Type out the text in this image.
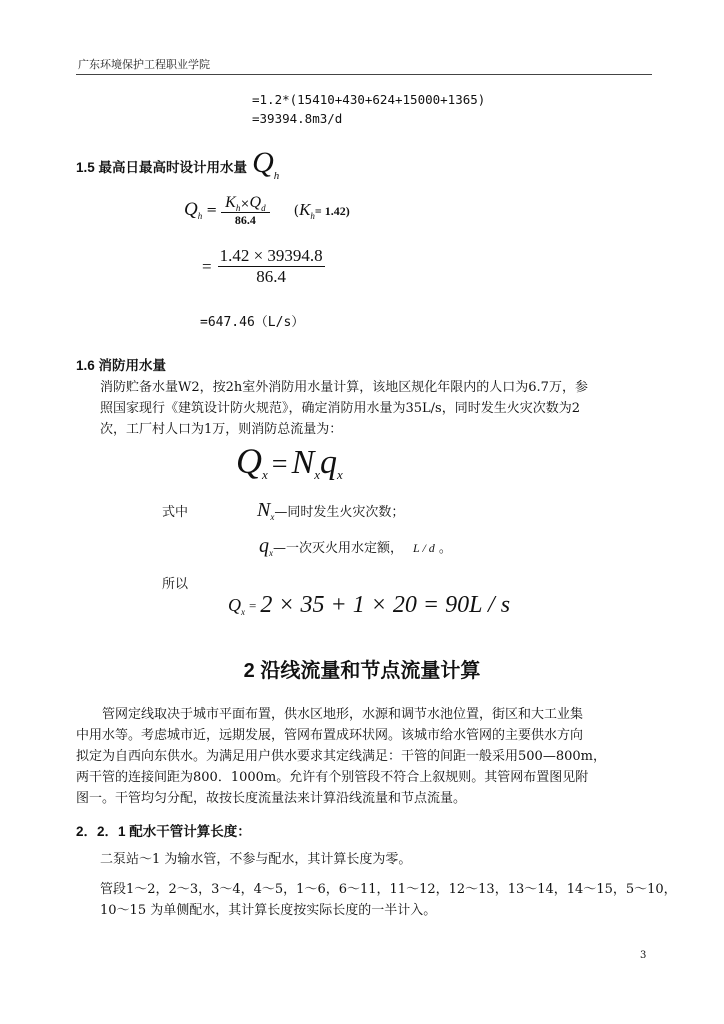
广东环境保护工程职业学院
=1.2*(15410+430+624+15000+1365)
=39394.8m3/d
1.5 最高日最高时设计用水量 $Q_h$
$Q_h = \frac{K_h\times Q_d}{86.4} (K_h= 1.42)$
= $\frac{1.42 \times 39394.8}{86.4}$
=647.46（L/s）
1.6 消防用水量
消防贮备水量W2，按2h室外消防用水量计算，该地区规化年限内的人口为6.7万，参
照国家现行《建筑设计防火规范》，确定消防用水量为35L/s，同时发生火灾次数为2
次，工厂村人口为1万，则消防总流量为：
$Q_x = N_xq_x$
式中	$N_x—$同时发生火灾次数；
$q_x—$一次灭火用水定额， L / d 。
所以
$Q_x = 2 \times 35 + 1 \times 20 = 90L / s$
2 沿线流量和节点流量计算
管网定线取决于城市平面布置，供水区地形，水源和调节水池位置，街区和大工业集
中用水等。考虑城市近，远期发展，管网布置成环状网。该城市给水管网的主要供水方向
拟定为自西向东供水。为满足用户供水要求其定线满足：干管的间距一般采用500—800m，
两干管的连接间距为800．1000m。允许有个别管段不符合上叙规则。其管网布置图见附
图一。干管均匀分配，故按长度流量法来计算沿线流量和节点流量。
2．2．1 配水干管计算长度：
二泵站～1 为输水管，不参与配水，其计算长度为零。
管段1～2，2～3，3～4，4～5，1～6，6～11，11～12，12～13，13～14，14～15，5～10，
10～15 为单侧配水，其计算长度按实际长度的一半计入。
3
